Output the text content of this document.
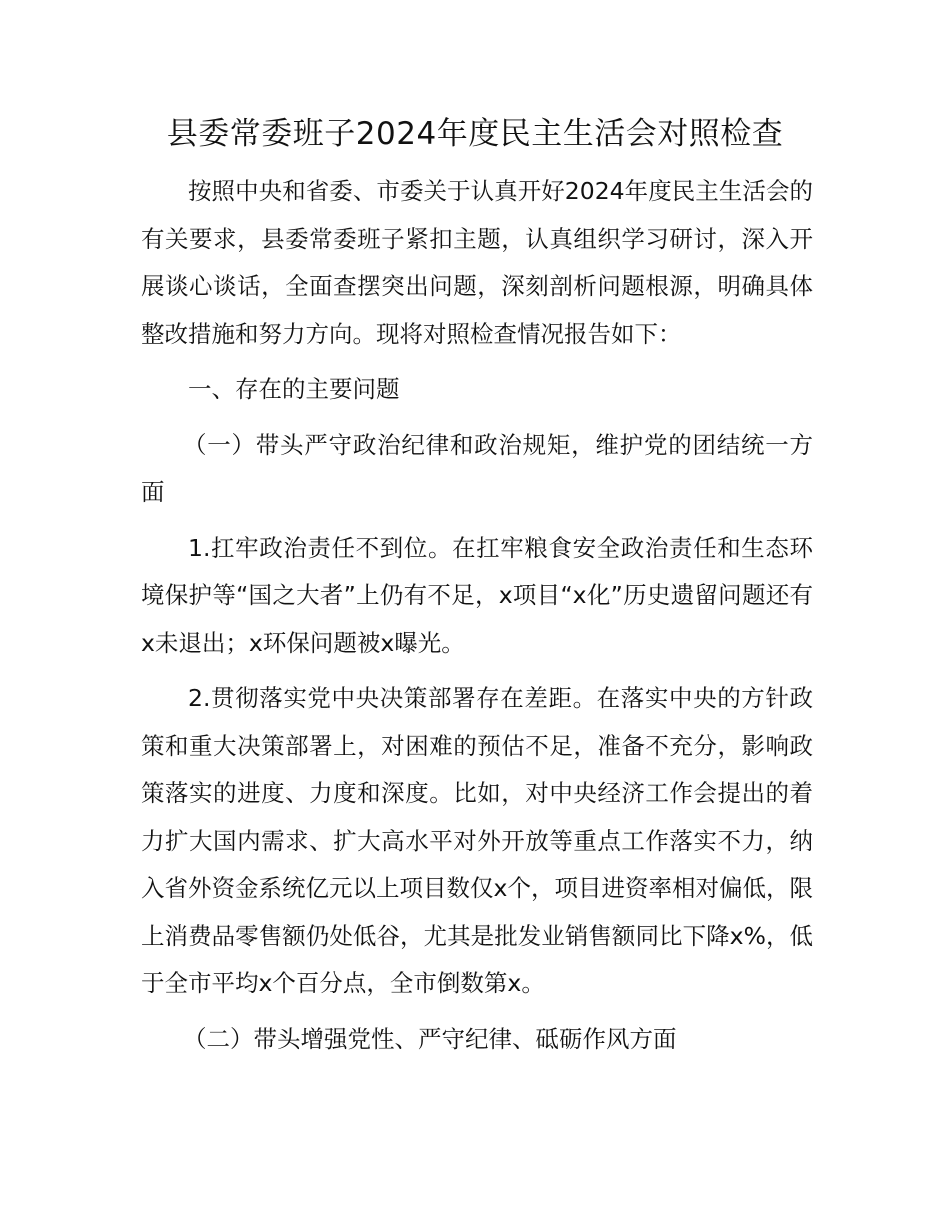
县委常委班子2024年度民主生活会对照检查

按照中央和省委、市委关于认真开好2024年度民主生活会的有关要求，县委常委班子紧扣主题，认真组织学习研讨，深入开展谈心谈话，全面查摆突出问题，深刻剖析问题根源，明确具体整改措施和努力方向。现将对照检查情况报告如下：

一、存在的主要问题

（一）带头严守政治纪律和政治规矩，维护党的团结统一方面

1.扛牢政治责任不到位。在扛牢粮食安全政治责任和生态环境保护等“国之大者”上仍有不足，x项目“x化”历史遗留问题还有x未退出；x环保问题被x曝光。

2.贯彻落实党中央决策部署存在差距。在落实中央的方针政策和重大决策部署上，对困难的预估不足，准备不充分，影响政策落实的进度、力度和深度。比如，对中央经济工作会提出的着力扩大国内需求、扩大高水平对外开放等重点工作落实不力，纳入省外资金系统亿元以上项目数仅x个，项目进资率相对偏低，限上消费品零售额仍处低谷，尤其是批发业销售额同比下降x%，低于全市平均x个百分点，全市倒数第x。

（二）带头增强党性、严守纪律、砥砺作风方面
